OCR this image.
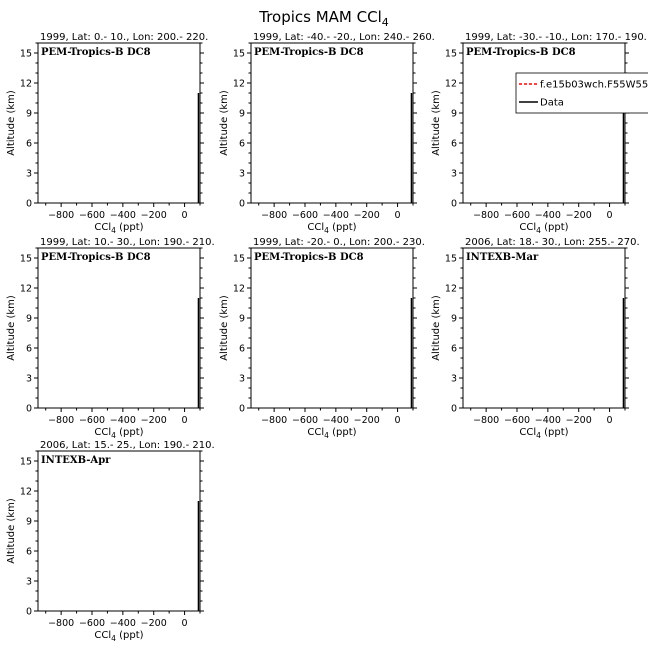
Tropics MAM CCl$_4$
1999, Lat: 0.- 10., Lon: 200.- 220.
PEM-Tropics-B DC8
−800 −600 −400 −200 0
0
3
6
9
12
15
CCl$_4$ (ppt)
Altitude (km)
1999, Lat: -40.- -20., Lon: 240.- 260.
PEM-Tropics-B DC8
−800 −600 −400 −200 0
0
3
6
9
12
15
CCl$_4$ (ppt)
Altitude (km)
1999, Lat: -30.- -10., Lon: 170.- 190.
PEM-Tropics-B DC8
−800 −600 −400 −200 0
0
3
6
9
12
15
CCl$_4$ (ppt)
Altitude (km)
1999, Lat: 10.- 30., Lon: 190.- 210.
PEM-Tropics-B DC8
−800 −600 −400 −200 0
0
3
6
9
12
15
CCl$_4$ (ppt)
Altitude (km)
1999, Lat: -20.- 0., Lon: 200.- 230.
PEM-Tropics-B DC8
−800 −600 −400 −200 0
0
3
6
9
12
15
CCl$_4$ (ppt)
Altitude (km)
2006, Lat: 18.- 30., Lon: 255.- 270.
INTEXB-Mar
−800 −600 −400 −200 0
0
3
6
9
12
15
CCl$_4$ (ppt)
Altitude (km)
2006, Lat: 15.- 25., Lon: 190.- 210.
INTEXB-Apr
−800 −600 −400 −200 0
0
3
6
9
12
15
CCl$_4$ (ppt)
Altitude (km)
f.e15b03wch.F55W55
Data
